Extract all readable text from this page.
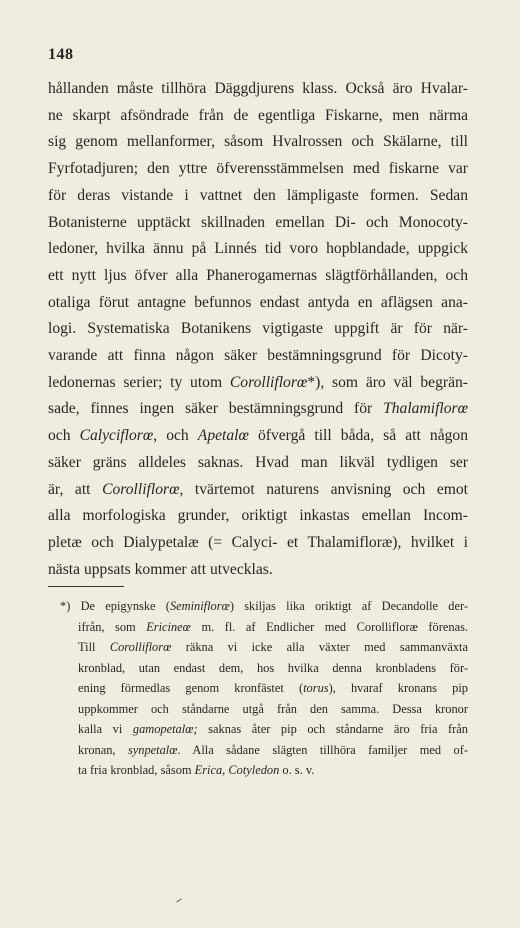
148
hållanden måste tillhöra Däggdjurens klass. Också äro Hvalar-
ne skarpt afsöndrade från de egentliga Fiskarne, men närma
sig genom mellanformer, såsom Hvalrossen och Skälarne, till
Fyrfotadjuren; den yttre öfverensstämmelsen med fiskarne var
för deras vistande i vattnet den lämpligaste formen. Sedan
Botanisterne upptäckt skillnaden emellan Di- och Monocoty-
ledoner, hvilka ännu på Linnés tid voro hopblandade, uppgick
ett nytt ljus öfver alla Phanerogamernas slägtförhållanden, och
otaliga förut antagne befunnos endast antyda en aflägsen ana-
logi. Systematiska Botanikens vigtigaste uppgift är för när-
varande att finna någon säker bestämningsgrund för Dicoty-
ledonernas serier; ty utom Corolliflorœ*), som äro väl begrän-
sade, finnes ingen säker bestämningsgrund för Thalamiflorœ
och Calyciflorœ, och Apetalœ öfvergå till båda, så att någon
säker gräns alldeles saknas. Hvad man likväl tydligen ser
är, att Corolliflorœ, tvärtemot naturens anvisning och emot
alla morfologiska grunder, oriktigt inkastas emellan Incom-
pletæ och Dialypetalæ (= Calyci- et Thalamifloræ), hvilket i
nästa uppsats kommer att utvecklas.
*) De epigynske (Seminiflorœ) skiljas lika oriktigt af Decandolle der-
ifrån, som Ericineœ m. fl. af Endlicher med Corollifloræ förenas.
Till Corolliflorœ räkna vi icke alla växter med sammanväxta
kronblad, utan endast dem, hos hvilka denna kronbladens för-
ening förmedlas genom kronfästet (torus), hvaraf kronans pip
uppkommer och ståndarne utgå från den samma. Dessa kronor
kalla vi gamopetalœ; saknas åter pip och ståndarne äro fria från
kronan, synpetalœ. Alla sådane slägten tillhöra familjer med of-
ta fria kronblad, såsom Erica, Cotyledon o. s. v.
